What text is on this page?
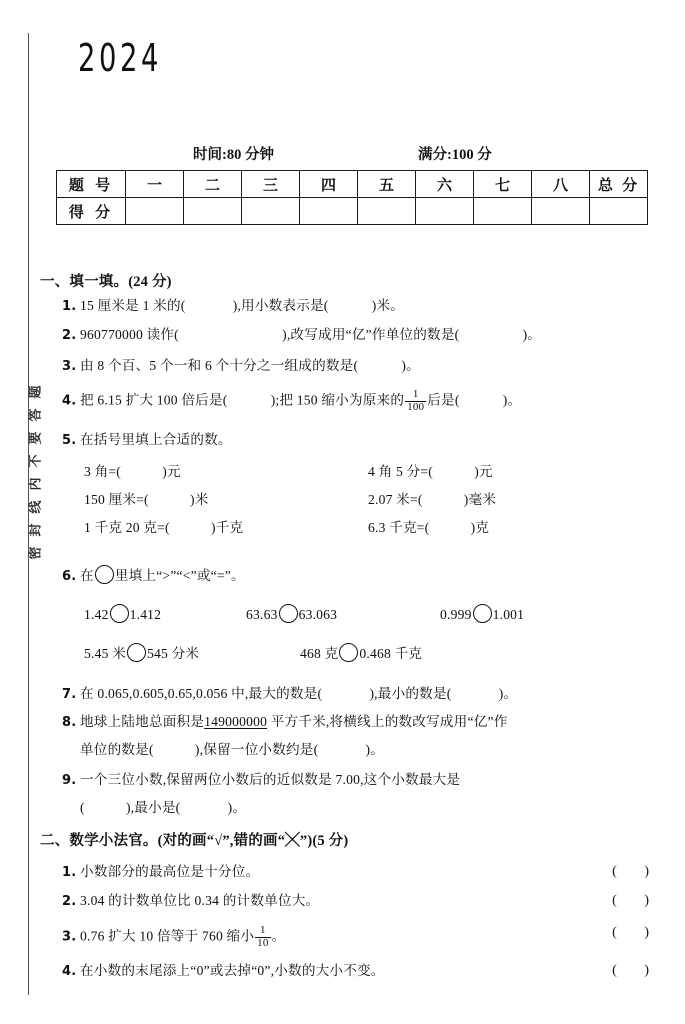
密封线内不要答题
2024
时间:80 分钟	满分:100 分
题 号	一	二	三	四	五	六	七	八	总 分
得 分									
一、填一填。(24 分)
1. 15 厘米是 1 米的(	),用小数表示是(	)米。
2. 960770000 读作(	),改写成用“亿”作单位的数是(	)。
3. 由 8 个百、5 个一和 6 个十分之一组成的数是(	)。
4. 把 6.15 扩大 100 倍后是(	);把 150 缩小为原来的 $\frac{1}{100}$ 后是(	)。
5. 在括号里填上合适的数。
3 角=(	)元	4 角 5 分=(	)元
150 厘米=(	)米	2.07 米=(	)毫米
1 千克 20 克=(	)千克	6.3 千克=(	)克
6. 在 里填上“>”“<”或“=”。
1.42 1.412	63.63 63.063	0.999 1.001
5.45 米 545 分米	468 克 0.468 千克
7. 在 0.065,0.605,0.65,0.056 中,最大的数是(	),最小的数是(	)。
8. 地球上陆地总面积是149000000 平方千米,将横线上的数改写成用“亿”作
单位的数是(	),保留一位小数约是(	)。
9. 一个三位小数,保留两位小数后的近似数是 7.00,这个小数最大是
(	),最小是(	)。
二、数学小法官。(对的画“√”,错的画“╳”)(5 分)
1. 小数部分的最高位是十分位。	( )
2. 3.04 的计数单位比 0.34 的计数单位大。	( )
3. 0.76 扩大 10 倍等于 760 缩小 $\frac{1}{10}$ 。	( )
4. 在小数的末尾添上“0”或去掉“0”,小数的大小不变。	( )
